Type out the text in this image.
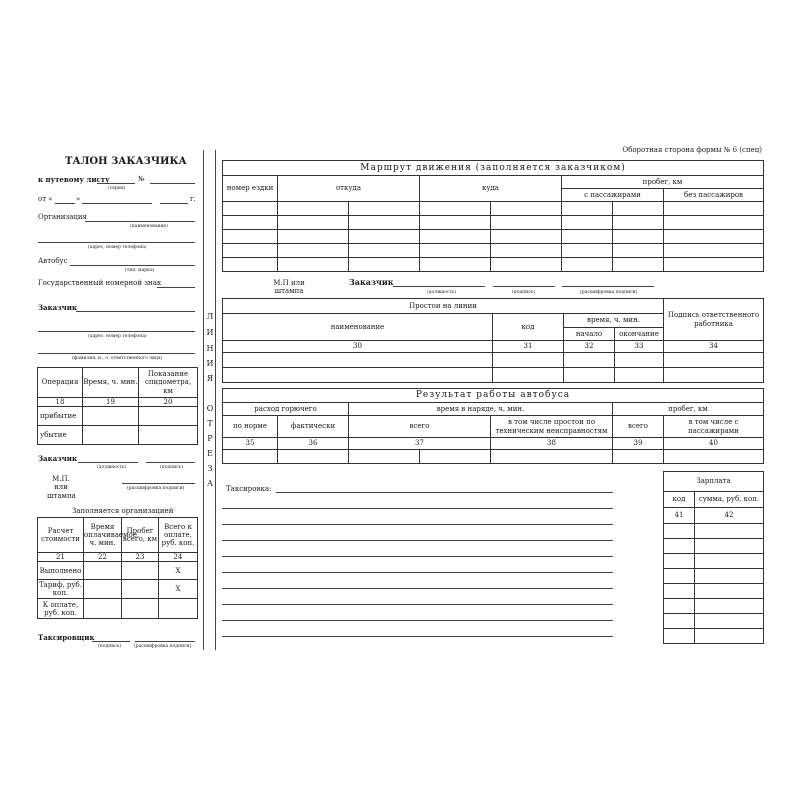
Оборотная сторона формы № 6 (спец)
ТАЛОН ЗАКАЗЧИКА
к путевому листу
(серия)
№
от «	»	г.
Организация
(наименование)
(адрес, номер телефона)
Автобус
(тип, марка)
Государственный номерной знак
Заказчик
(адрес, номер телефона)
(фамилия, и., о. ответственного лица)
Операция	Время, ч. мин.	Показание спидометра, км
18	19	20
прибытие		
убытие		
Заказчик
(должность)	(подпись)
М.П. или штампа
(расшифровка подписи)
Заполняется организацией
Расчет стоимости	Время оплачиваемое, ч. мин.	Пробег всего, км	Всего к оплате, руб. коп.
21	22	23	24
Выполнено			X
Тариф, руб. коп.			X
К оплате, руб. коп.			
Таксировщик
(подпись)	(расшифровка подписи)
Л
И
Н
И
Я
О
Т
Р
Е
З
А
Маршрут движения (заполняется заказчиком)							
номер ездки	откуда		куда		пробег, км		
					с пассажирами		без пассажиров

М.П или штампа
Заказчик
(должность)	(подпись)	(расшифровка подписи)
Простои на линии				Подпись ответственного работника
наименование	код	время, ч. мин.		
		начало	окончание	
30	31	32	33	34

Результат работы автобуса						
расход горючего		время в наряде, ч. мин.			пробег, км	
по норме	фактически	всего		в том числе простои по техническим неисправностям	всего	в том числе с пассажирами
35	36	37		38	39	40

Таксировка:
Зарплата	
код	сумма, руб. коп.
41	42
